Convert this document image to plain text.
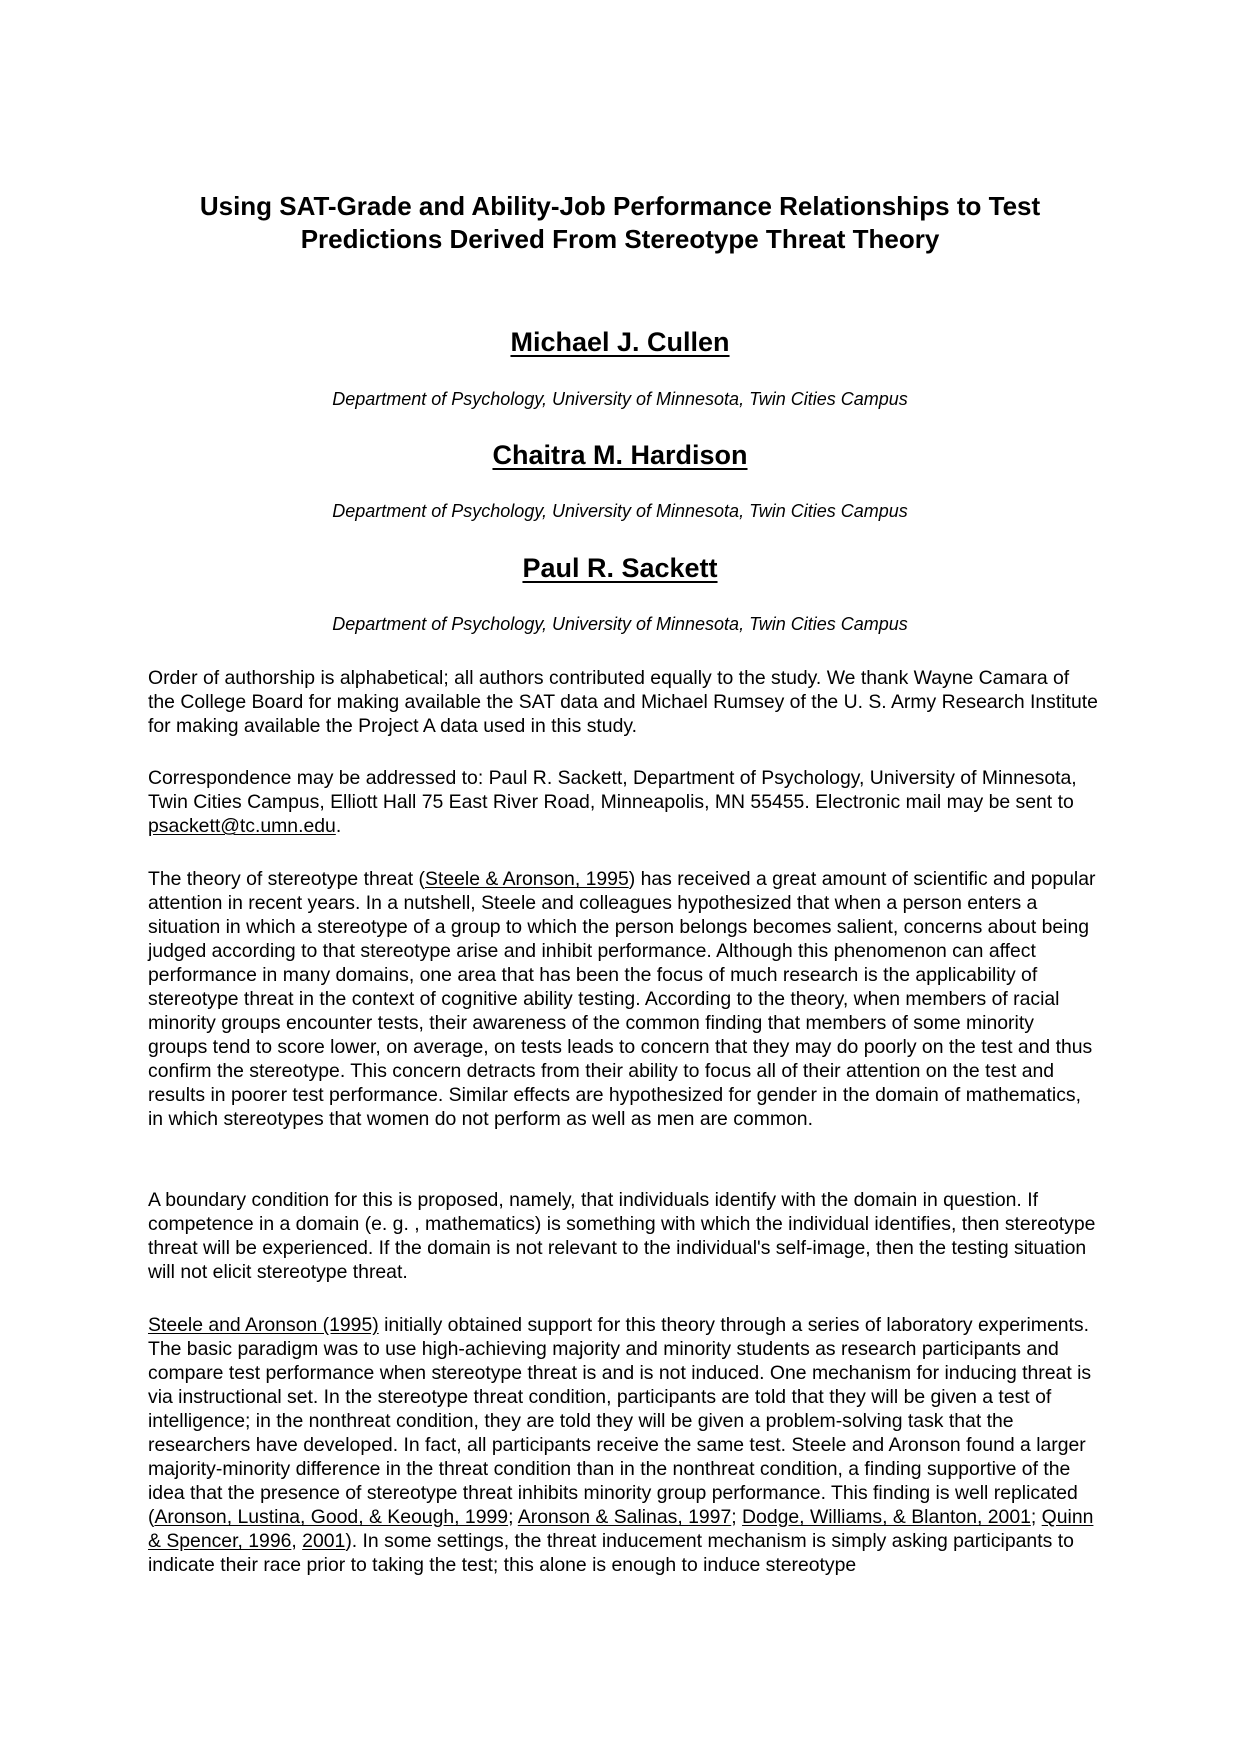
Using SAT-Grade and Ability-Job Performance Relationships to Test
Predictions Derived From Stereotype Threat Theory
Michael J. Cullen

Department of Psychology, University of Minnesota, Twin Cities Campus

Chaitra M. Hardison

Department of Psychology, University of Minnesota, Twin Cities Campus

Paul R. Sackett

Department of Psychology, University of Minnesota, Twin Cities Campus

Order of authorship is alphabetical; all authors contributed equally to the study. We thank Wayne Camara of the College Board for making available the SAT data and Michael Rumsey of the U. S. Army Research Institute for making available the Project A data used in this study.

Correspondence may be addressed to: Paul R. Sackett, Department of Psychology, University of Minnesota, Twin Cities Campus, Elliott Hall 75 East River Road, Minneapolis, MN 55455. Electronic mail may be sent to psackett@tc.umn.edu.

The theory of stereotype threat (Steele & Aronson, 1995) has received a great amount of scientific and popular attention in recent years. In a nutshell, Steele and colleagues hypothesized that when a person enters a situation in which a stereotype of a group to which the person belongs becomes salient, concerns about being judged according to that stereotype arise and inhibit performance. Although this phenomenon can affect performance in many domains, one area that has been the focus of much research is the applicability of stereotype threat in the context of cognitive ability testing. According to the theory, when members of racial minority groups encounter tests, their awareness of the common finding that members of some minority groups tend to score lower, on average, on tests leads to concern that they may do poorly on the test and thus confirm the stereotype. This concern detracts from their ability to focus all of their attention on the test and results in poorer test performance. Similar effects are hypothesized for gender in the domain of mathematics, in which stereotypes that women do not perform as well as men are common.

A boundary condition for this is proposed, namely, that individuals identify with the domain in question. If competence in a domain (e. g. , mathematics) is something with which the individual identifies, then stereotype threat will be experienced. If the domain is not relevant to the individual's self-image, then the testing situation will not elicit stereotype threat.

Steele and Aronson (1995) initially obtained support for this theory through a series of laboratory experiments. The basic paradigm was to use high-achieving majority and minority students as research participants and compare test performance when stereotype threat is and is not induced. One mechanism for inducing threat is via instructional set. In the stereotype threat condition, participants are told that they will be given a test of intelligence; in the nonthreat condition, they are told they will be given a problem-solving task that the researchers have developed. In fact, all participants receive the same test. Steele and Aronson found a larger majority-minority difference in the threat condition than in the nonthreat condition, a finding supportive of the idea that the presence of stereotype threat inhibits minority group performance. This finding is well replicated (Aronson, Lustina, Good, & Keough, 1999; Aronson & Salinas, 1997; Dodge, Williams, & Blanton, 2001; Quinn & Spencer, 1996, 2001). In some settings, the threat inducement mechanism is simply asking participants to indicate their race prior to taking the test; this alone is enough to induce stereotype
